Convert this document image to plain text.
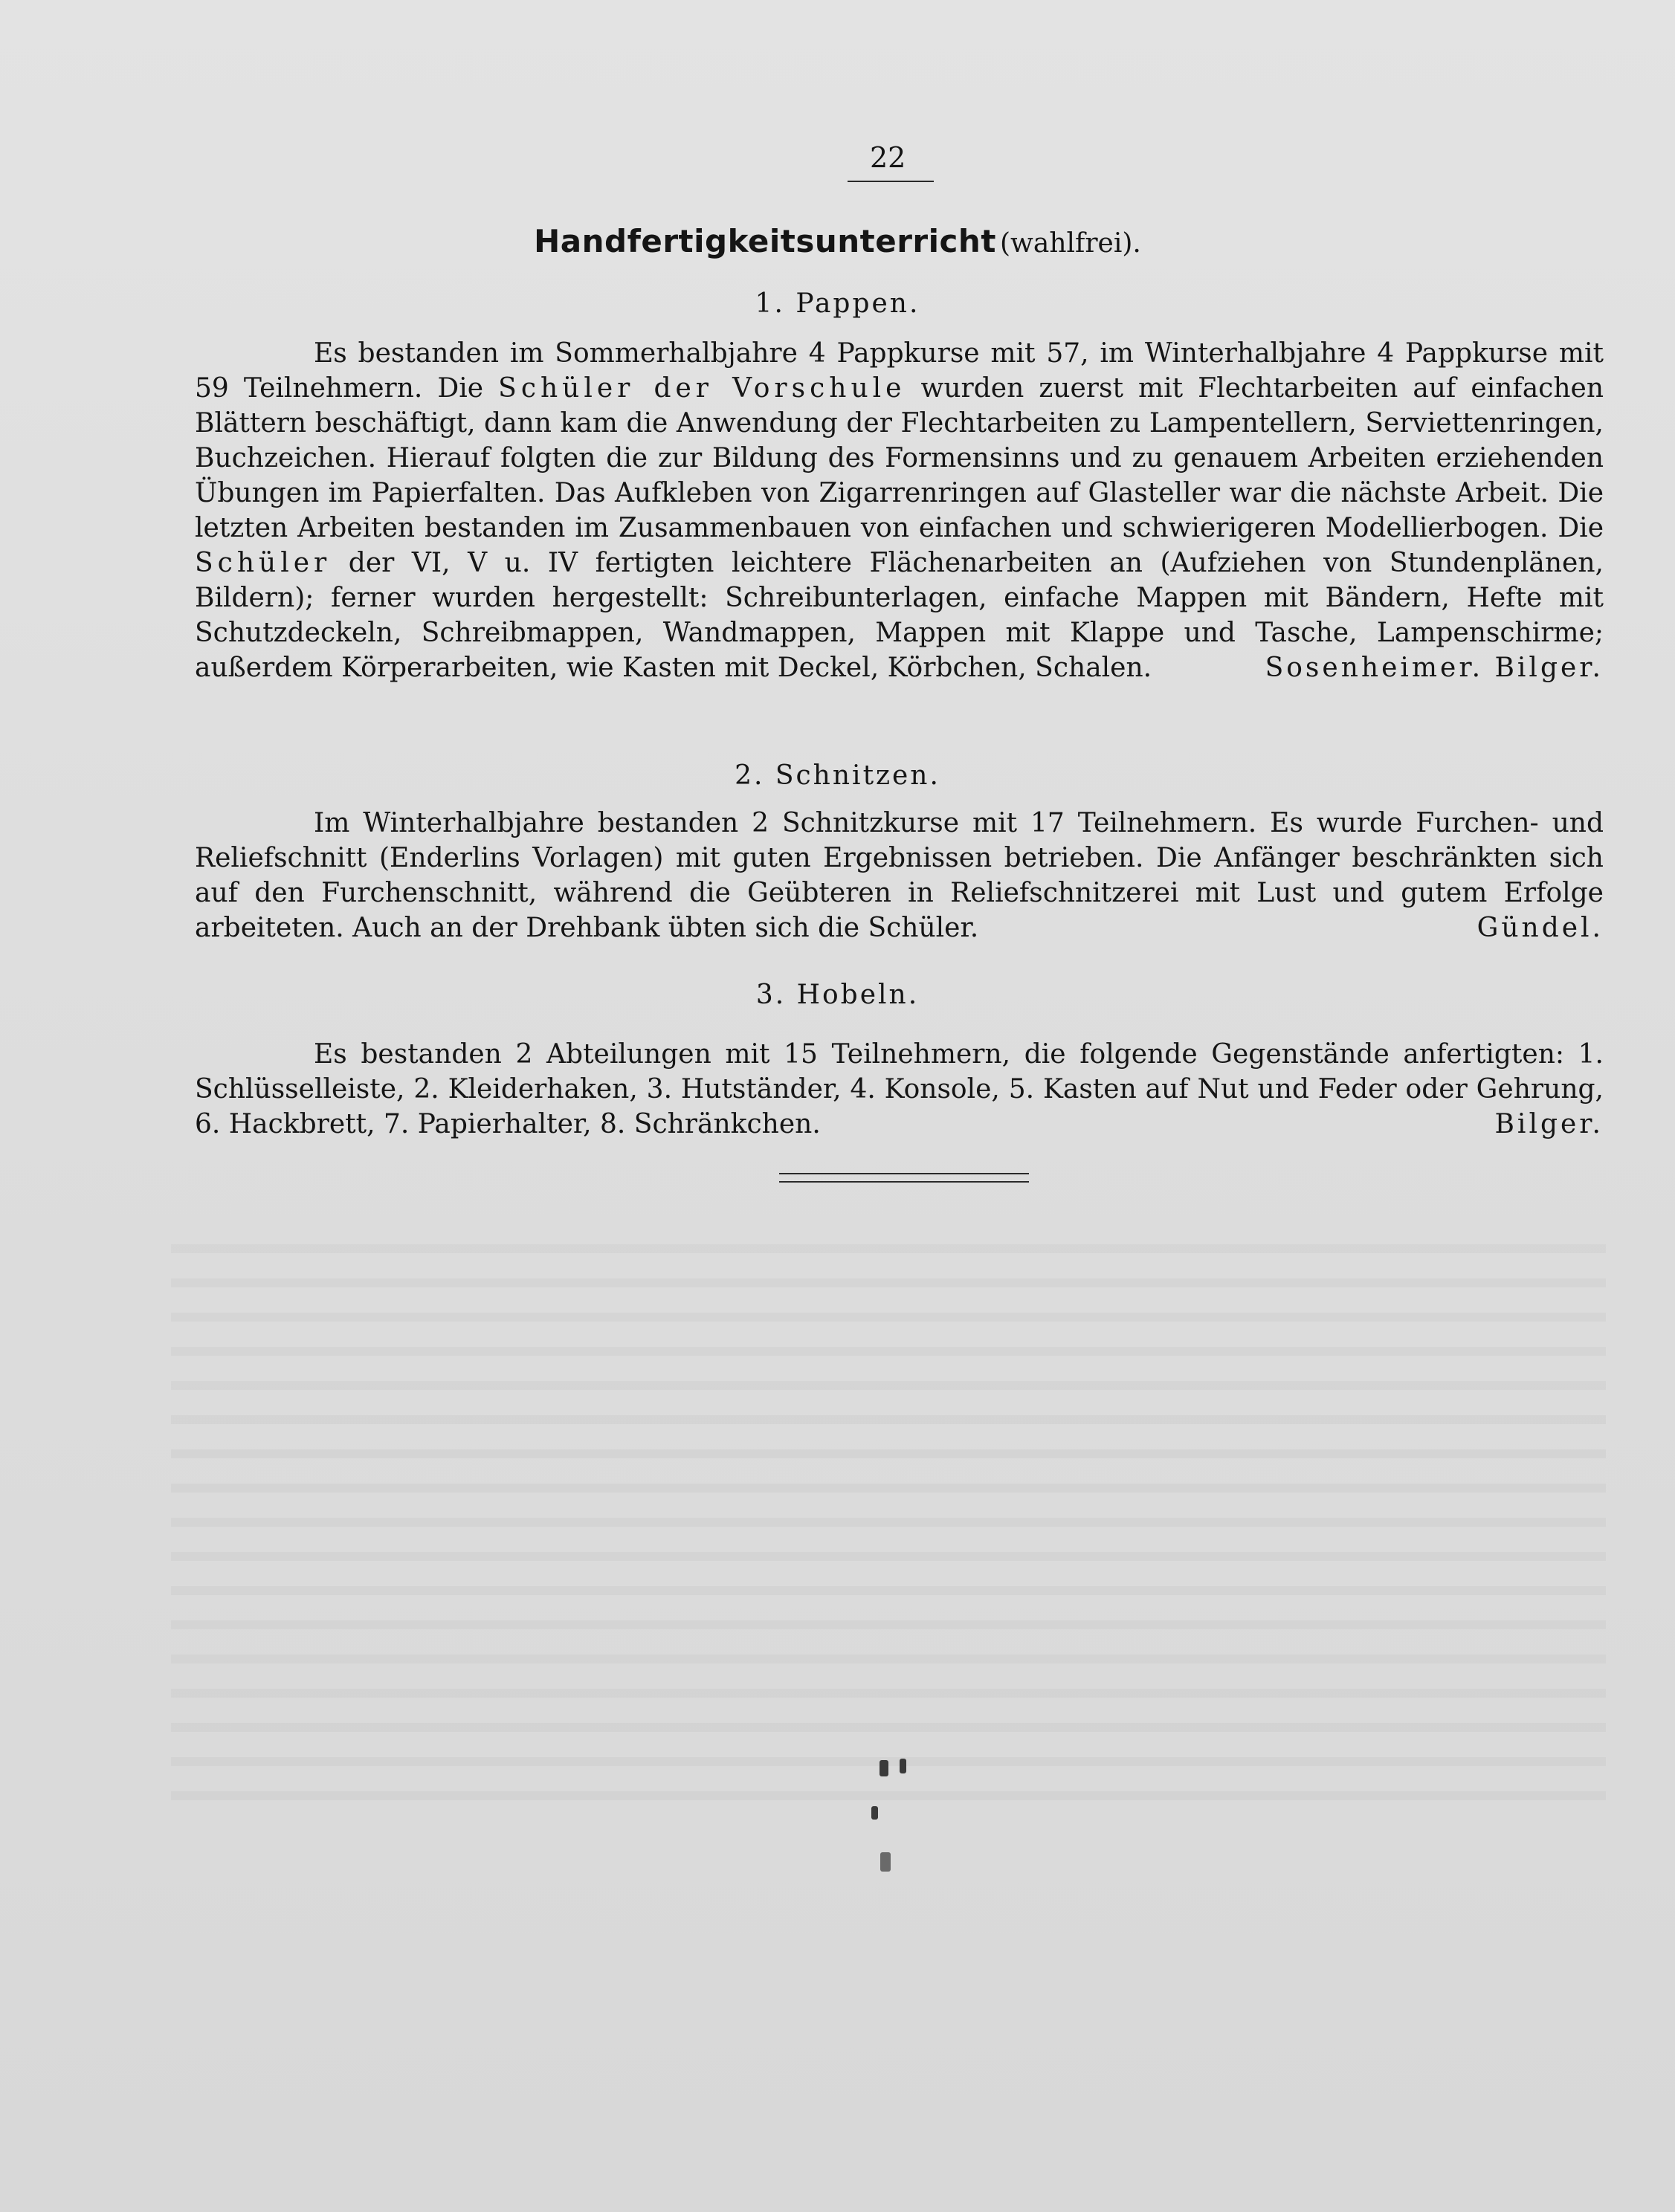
22
Handfertigkeitsunterricht (wahlfrei).
1. Pappen.

Es bestanden im Sommerhalbjahre 4 Pappkurse mit 57, im Winterhalbjahre 4 Pappkurse mit 59 Teilnehmern. Die Schüler der Vorschule wurden zuerst mit Flechtarbeiten auf einfachen Blättern beschäftigt, dann kam die Anwendung der Flechtarbeiten zu Lampentellern, Serviettenringen, Buchzeichen. Hierauf folgten die zur Bildung des Formensinns und zu genauem Arbeiten erziehenden Übungen im Papierfalten. Das Aufkleben von Zigarrenringen auf Glasteller war die nächste Arbeit. Die letzten Arbeiten bestanden im Zusammenbauen von einfachen und schwierigeren Modellierbogen. Die Schüler der VI, V u. IV fertigten leichtere Flächenarbeiten an (Aufziehen von Stundenplänen, Bildern); ferner wurden hergestellt: Schreibunterlagen, einfache Mappen mit Bändern, Hefte mit Schutzdeckeln, Schreibmappen, Wandmappen, Mappen mit Klappe und Tasche, Lampenschirme; außerdem Körperarbeiten, wie Kasten mit Deckel, Körbchen, Schalen.	Sosenheimer. Bilger.

2. Schnitzen.

Im Winterhalbjahre bestanden 2 Schnitzkurse mit 17 Teilnehmern. Es wurde Furchen- und Reliefschnitt (Enderlins Vorlagen) mit guten Ergebnissen betrieben. Die Anfänger beschränkten sich auf den Furchenschnitt, während die Geübteren in Reliefschnitzerei mit Lust und gutem Erfolge arbeiteten. Auch an der Drehbank übten sich die Schüler.	Gündel.

3. Hobeln.

Es bestanden 2 Abteilungen mit 15 Teilnehmern, die folgende Gegenstände anfertigten: 1. Schlüsselleiste, 2. Kleiderhaken, 3. Hutständer, 4. Konsole, 5. Kasten auf Nut und Feder oder Gehrung, 6. Hackbrett, 7. Papierhalter, 8. Schränkchen.	Bilger.
